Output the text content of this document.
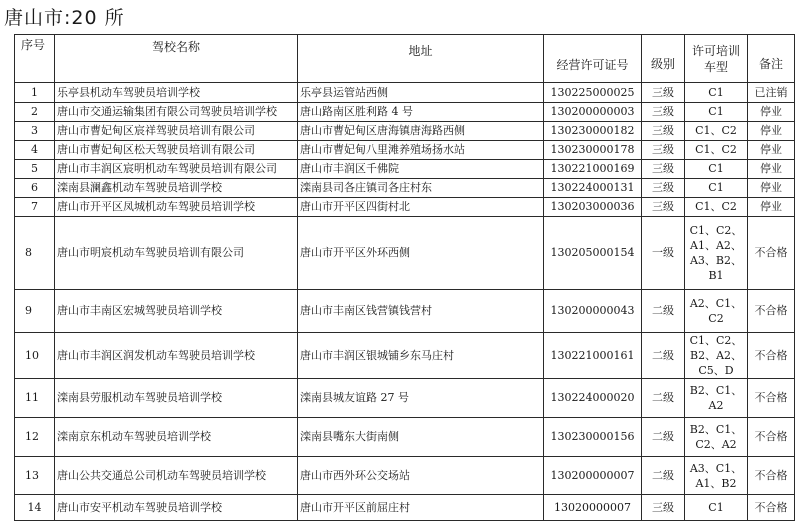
唐山市:20 所
序号	驾校名称	地址	经营许可证号	级别	许可培训车型	备注
1	乐亭县机动车驾驶员培训学校	乐亭县运管站西侧	130225000025	三级	C1	已注销
2	唐山市交通运输集团有限公司驾驶员培训学校	唐山路南区胜利路 4 号	130200000003	三级	C1	停业
3	唐山市曹妃甸区宸祥驾驶员培训有限公司	唐山市曹妃甸区唐海镇唐海路西侧	130230000182	三级	C1、C2	停业
4	唐山市曹妃甸区松天驾驶员培训有限公司	唐山市曹妃甸八里滩养殖场扬水站	130230000178	三级	C1、C2	停业
5	唐山市丰润区宸明机动车驾驶员培训有限公司	唐山市丰润区千佛院	130221000169	三级	C1	停业
6	滦南县澜鑫机动车驾驶员培训学校	滦南县司各庄镇司各庄村东	130224000131	三级	C1	停业
7	唐山市开平区凤城机动车驾驶员培训学校	唐山市开平区四街村北	130203000036	三级	C1、C2	停业
8	唐山市明宸机动车驾驶员培训有限公司	唐山市开平区外环西侧	130205000154	一级	C1、C2、A1、A2、A3、B2、B1	不合格
9	唐山市丰南区宏城驾驶员培训学校	唐山市丰南区钱营镇钱营村	130200000043	二级	A2、C1、C2	不合格
10	唐山市丰润区润发机动车驾驶员培训学校	唐山市丰润区银城铺乡东马庄村	130221000161	二级	C1、C2、B2、A2、C5、D	不合格
11	滦南县劳服机动车驾驶员培训学校	滦南县城友谊路 27 号	130224000020	二级	B2、C1、A2	不合格
12	滦南京东机动车驾驶员培训学校	滦南县嘴东大街南侧	130230000156	二级	B2、C1、C2、A2	不合格
13	唐山公共交通总公司机动车驾驶员培训学校	唐山市西外环公交场站	130200000007	二级	A3、C1、A1、B2	不合格
14	唐山市安平机动车驾驶员培训学校	唐山市开平区前屈庄村	13020000007	三级	C1	不合格
